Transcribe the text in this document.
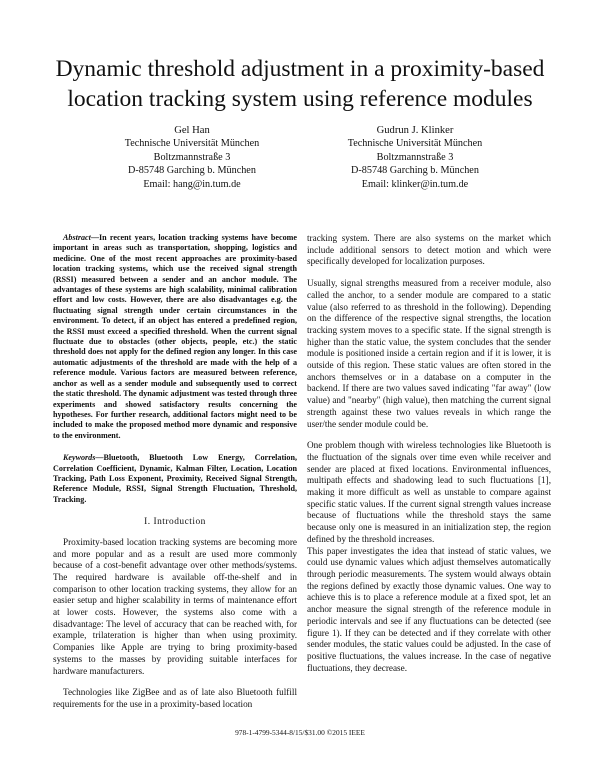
Dynamic threshold adjustment in a proximity-based location tracking system using reference modules
Gel Han
Technische Universität München
Boltzmannstraße 3
D-85748 Garching b. München
Email: hang@in.tum.de
Gudrun J. Klinker
Technische Universität München
Boltzmannstraße 3
D-85748 Garching b. München
Email: klinker@in.tum.de

Abstract—In recent years, location tracking systems have become important in areas such as transportation, shopping, logistics and medicine. One of the most recent approaches are proximity-based location tracking systems, which use the received signal strength (RSSI) measured between a sender and an anchor module. The advantages of these systems are high scalability, minimal calibration effort and low costs. However, there are also disadvantages e.g. the fluctuating signal strength under certain circumstances in the environment. To detect, if an object has entered a predefined region, the RSSI must exceed a specified threshold. When the current signal fluctuate due to obstacles (other objects, people, etc.) the static threshold does not apply for the defined region any longer. In this case automatic adjustments of the threshold are made with the help of a reference module. Various factors are measured between reference, anchor as well as a sender module and subsequently used to correct the static threshold. The dynamic adjustment was tested through three experiments and showed satisfactory results concerning the hypotheses. For further research, additional factors might need to be included to make the proposed method more dynamic and responsive to the environment.

Keywords—Bluetooth, Bluetooth Low Energy, Correlation, Correlation Coefficient, Dynamic, Kalman Filter, Location, Location Tracking, Path Loss Exponent, Proximity, Received Signal Strength, Reference Module, RSSI, Signal Strength Fluctuation, Threshold, Tracking.

I. Introduction

Proximity-based location tracking systems are becoming more and more popular and as a result are used more commonly because of a cost-benefit advantage over other methods/systems. The required hardware is available off-the-shelf and in comparison to other location tracking systems, they allow for an easier setup and higher scalability in terms of maintenance effort at lower costs. However, the systems also come with a disadvantage: The level of accuracy that can be reached with, for example, trilateration is higher than when using proximity. Companies like Apple are trying to bring proximity-based systems to the masses by providing suitable interfaces for hardware manufacturers.

Technologies like ZigBee and as of late also Bluetooth fulfill requirements for the use in a proximity-based location

tracking system. There are also systems on the market which include additional sensors to detect motion and which were specifically developed for localization purposes.

Usually, signal strengths measured from a receiver module, also called the anchor, to a sender module are compared to a static value (also referred to as threshold in the following). Depending on the difference of the respective signal strengths, the location tracking system moves to a specific state. If the signal strength is higher than the static value, the system concludes that the sender module is positioned inside a certain region and if it is lower, it is outside of this region. These static values are often stored in the anchors themselves or in a database on a computer in the backend. If there are two values saved indicating "far away" (low value) and "nearby" (high value), then matching the current signal strength against these two values reveals in which range the user/the sender module could be.

One problem though with wireless technologies like Bluetooth is the fluctuation of the signals over time even while receiver and sender are placed at fixed locations. Environmental influences, multipath effects and shadowing lead to such fluctuations [1], making it more difficult as well as unstable to compare against specific static values. If the current signal strength values increase because of fluctuations while the threshold stays the same because only one is measured in an initialization step, the region defined by the threshold increases.

This paper investigates the idea that instead of static values, we could use dynamic values which adjust themselves automatically through periodic measurements. The system would always obtain the regions defined by exactly those dynamic values. One way to achieve this is to place a reference module at a fixed spot, let an anchor measure the signal strength of the reference module in periodic intervals and see if any fluctuations can be detected (see figure 1). If they can be detected and if they correlate with other sender modules, the static values could be adjusted. In the case of positive fluctuations, the values increase. In the case of negative fluctuations, they decrease.

978-1-4799-5344-8/15/$31.00 ©2015 IEEE
